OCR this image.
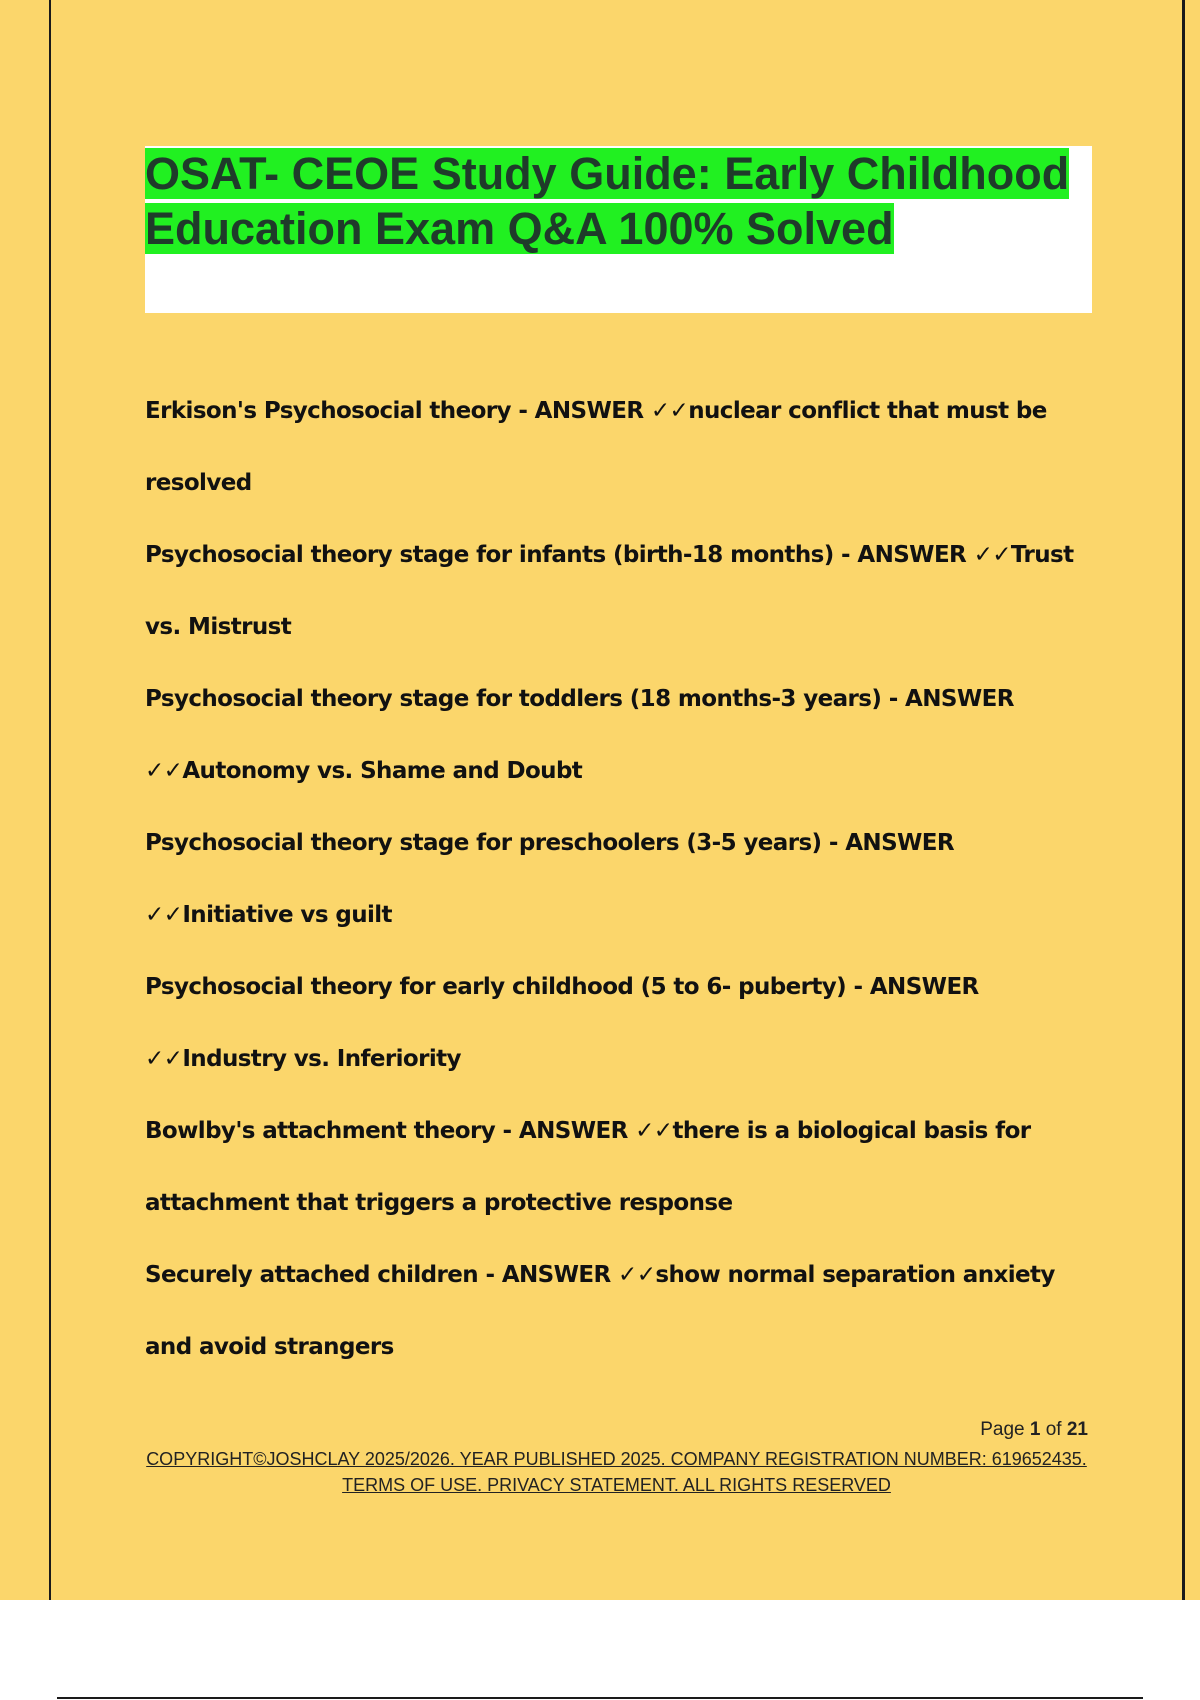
OSAT- CEOE Study Guide: Early Childhood Education Exam Q&A 100% Solved

Erkison's Psychosocial theory - ANSWER ✓✓nuclear conflict that must be resolved

Psychosocial theory stage for infants (birth-18 months) - ANSWER ✓✓Trust vs. Mistrust

Psychosocial theory stage for toddlers (18 months-3 years) - ANSWER ✓✓Autonomy vs. Shame and Doubt

Psychosocial theory stage for preschoolers (3-5 years) - ANSWER ✓✓Initiative vs guilt

Psychosocial theory for early childhood (5 to 6- puberty) - ANSWER ✓✓Industry vs. Inferiority

Bowlby's attachment theory - ANSWER ✓✓there is a biological basis for attachment that triggers a protective response

Securely attached children - ANSWER ✓✓show normal separation anxiety and avoid strangers

Page 1 of 21
COPYRIGHT©JOSHCLAY 2025/2026. YEAR PUBLISHED 2025. COMPANY REGISTRATION NUMBER: 619652435. TERMS OF USE. PRIVACY STATEMENT. ALL RIGHTS RESERVED
